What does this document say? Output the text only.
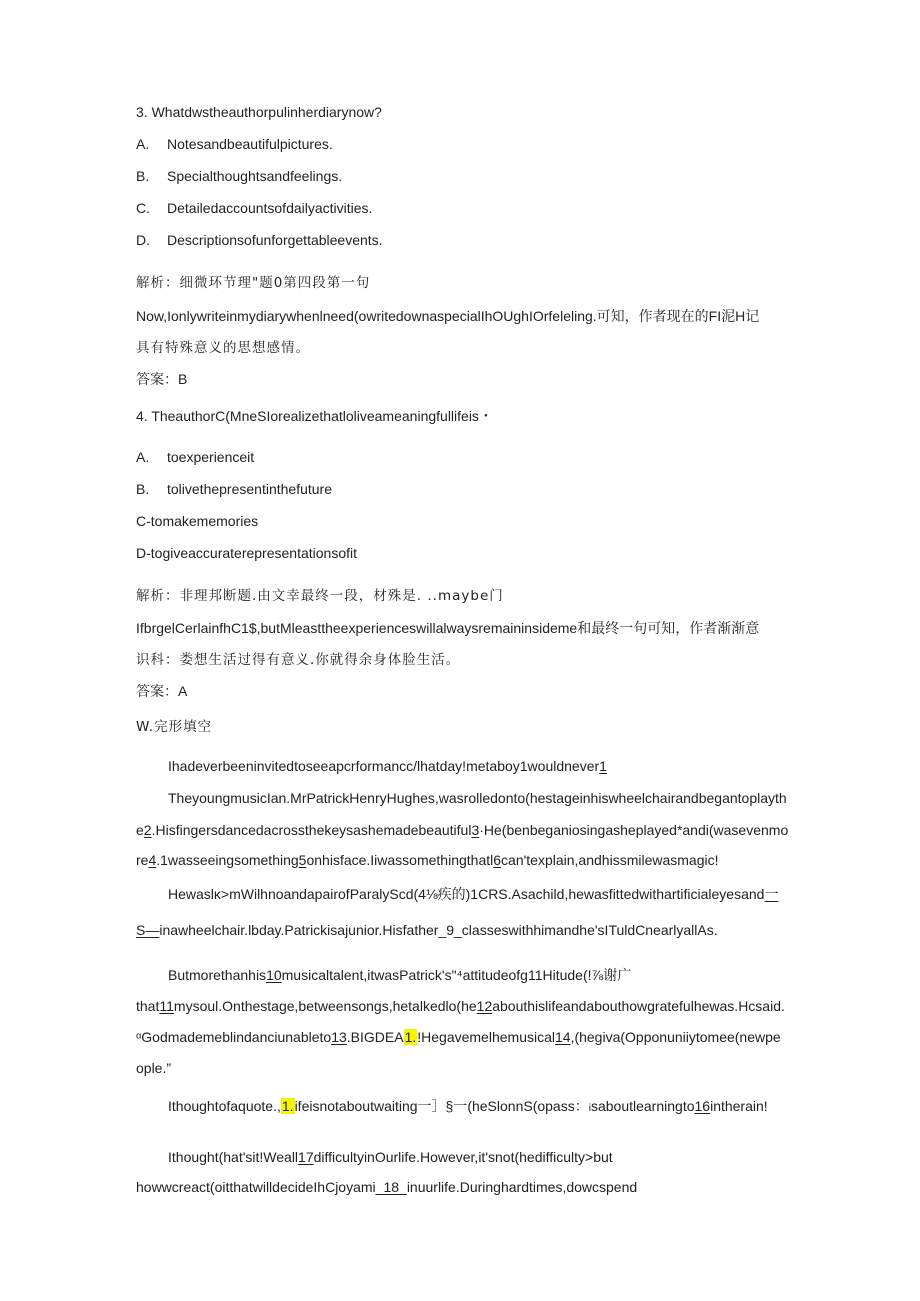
3. Whatdwstheauthorpulinherdiarynow?
A. Notesandbeautifulpictures.
B. Specialthoughtsandfeelings.
C. Detailedaccountsofdailyactivities.
D. Descriptionsofunforgettableevents.
解析：细微环节理"题0第四段第一句
Now,Ionlywriteinmydiarywhenlneed(owritedownaspecialIhOUghIOrfeleling.可知，作者现在的FI泥H记
具有特殊意义的思想感情。
答案：B
4. TheauthorC(MneSIorealizethatloliveameaningfullifeis・
A. toexperienceit
B. tolivethepresentinthefuture
C-tomakememories
D-togiveaccuraterepresentationsofit
解析：非理邦断题.由文幸最终一段，材殊是. ..maybe门
IfbrgelCerlainfhC1$,butMleasttheexperienceswillalwaysremaininsideme和最终一句可知，作者渐渐意
识科：娄想生活过得有意义.你就得余身体脸生活。
答案：A
W.完形填空
Ihadeverbeeninvitedtoseeapcrformancc/lhatday!metaboy1wouldnever1
TheyoungmusicIan.MrPatrickHenryHughes,wasrolledonto(hestageinhiswheelchairandbegantoplayth
e2.Hisfingersdancedacrossthekeysashemadebeautiful3·He(benbeganiosingasheplayed*andi(wasevenmo
re4.1wasseeingsomething5onhisface.Iiwassomethingthatl6can'texplain,andhissmilewasmagic!
Hewaslκ>mWilhnoandapairofParalyScd(4⅛疾的)1CRS.Asachild,hewasfittedwithartificialeyesand一
S—inawheelchair.lbday.Patrickisajunior.Hisfather_9_classeswithhimandhe'sITuldCnearlyallAs.
Butmorethanhis10musicaltalent,itwasPatrick's"⁴attitudeofg11Hitude(!⅞谢广
that11mysoul.Onthestage,betweensongs,hetalkedlo(he12abouthislifeandabouthowgratefulhewas.Hcsaid.
ᵅGodmademeblindanciunableto13.BIGDEA1.!Hegavemelhemusical14,(hegiva(Opponuniiytomee(newpe
ople.”
Ithoughtofaquote.,1.ifeisnotaboutwaiting一］§一(heSlonnS(opass：isaboutlearningto16intherain!
Ithought(hat'sit!Weall17difficultyinOurlife.However,it'snot(hedifficulty>but
howwcreact(oitthatwilldecideIhCjoyami_18_inuurlife.Duringhardtimes,dowcspend
